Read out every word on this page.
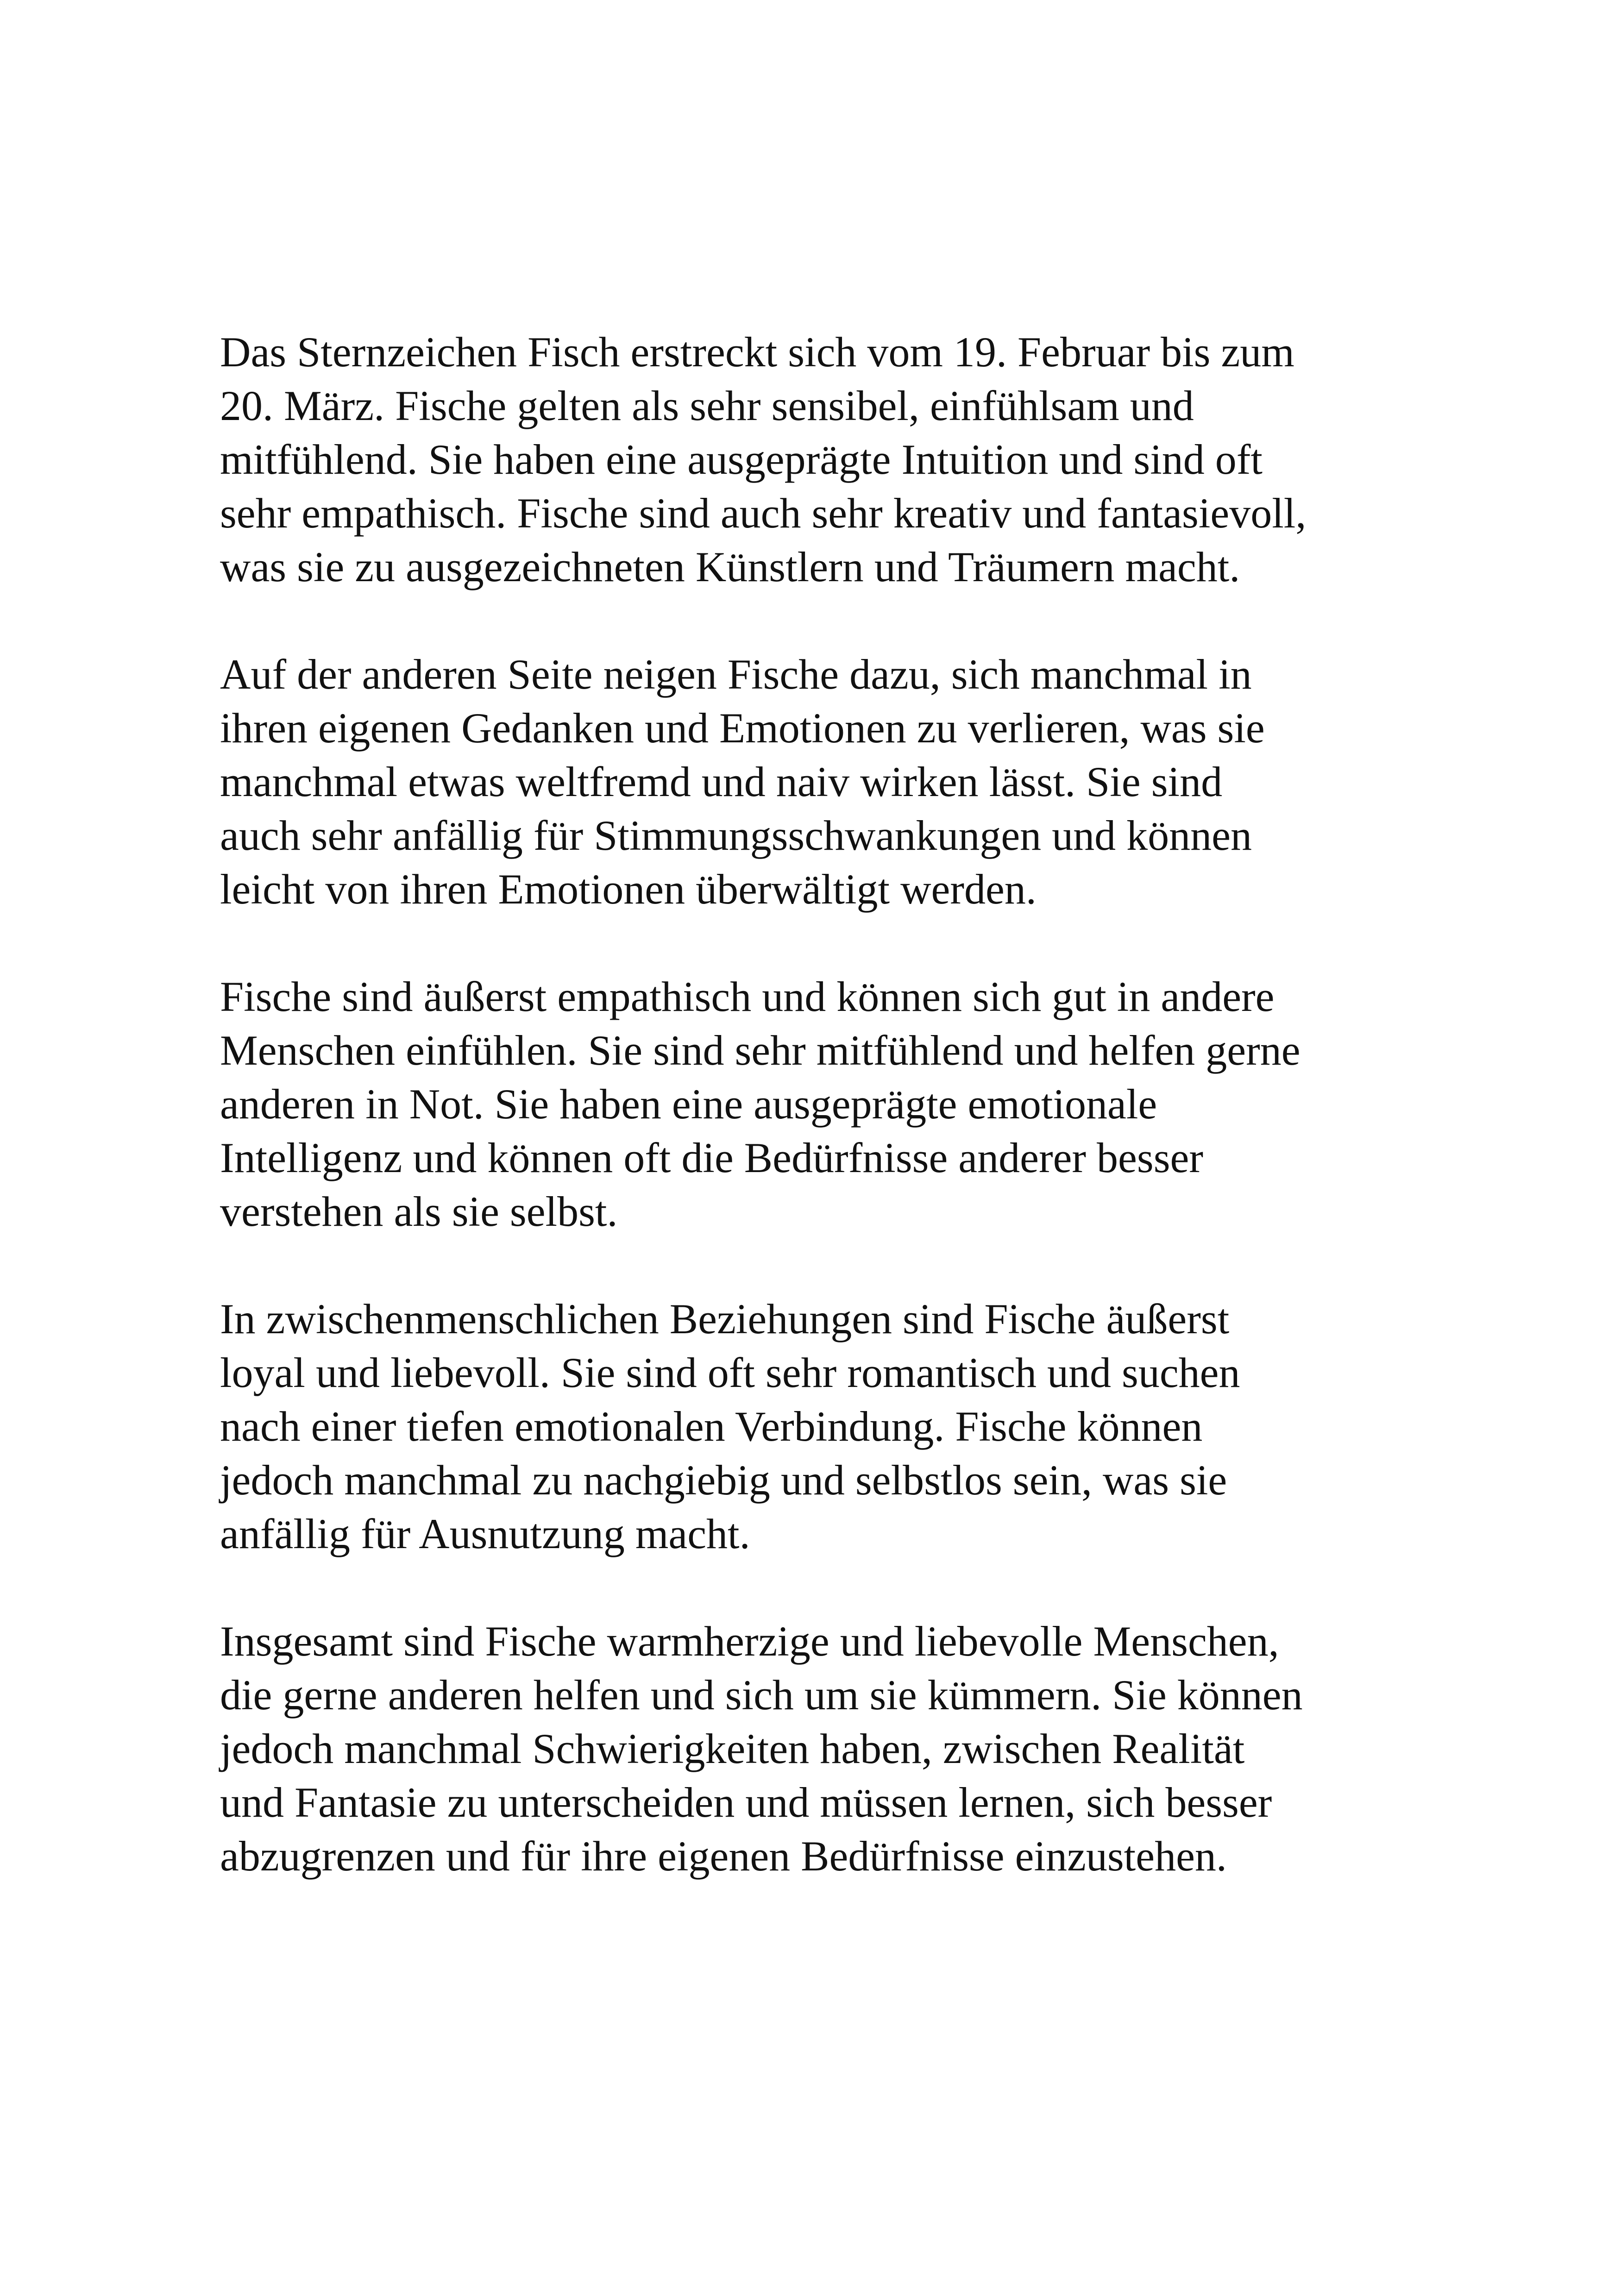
Das Sternzeichen Fisch erstreckt sich vom 19. Februar bis zum
20. März. Fische gelten als sehr sensibel, einfühlsam und
mitfühlend. Sie haben eine ausgeprägte Intuition und sind oft
sehr empathisch. Fische sind auch sehr kreativ und fantasievoll,
was sie zu ausgezeichneten Künstlern und Träumern macht.

Auf der anderen Seite neigen Fische dazu, sich manchmal in
ihren eigenen Gedanken und Emotionen zu verlieren, was sie
manchmal etwas weltfremd und naiv wirken lässt. Sie sind
auch sehr anfällig für Stimmungsschwankungen und können
leicht von ihren Emotionen überwältigt werden.

Fische sind äußerst empathisch und können sich gut in andere
Menschen einfühlen. Sie sind sehr mitfühlend und helfen gerne
anderen in Not. Sie haben eine ausgeprägte emotionale
Intelligenz und können oft die Bedürfnisse anderer besser
verstehen als sie selbst.

In zwischenmenschlichen Beziehungen sind Fische äußerst
loyal und liebevoll. Sie sind oft sehr romantisch und suchen
nach einer tiefen emotionalen Verbindung. Fische können
jedoch manchmal zu nachgiebig und selbstlos sein, was sie
anfällig für Ausnutzung macht.

Insgesamt sind Fische warmherzige und liebevolle Menschen,
die gerne anderen helfen und sich um sie kümmern. Sie können
jedoch manchmal Schwierigkeiten haben, zwischen Realität
und Fantasie zu unterscheiden und müssen lernen, sich besser
abzugrenzen und für ihre eigenen Bedürfnisse einzustehen.
